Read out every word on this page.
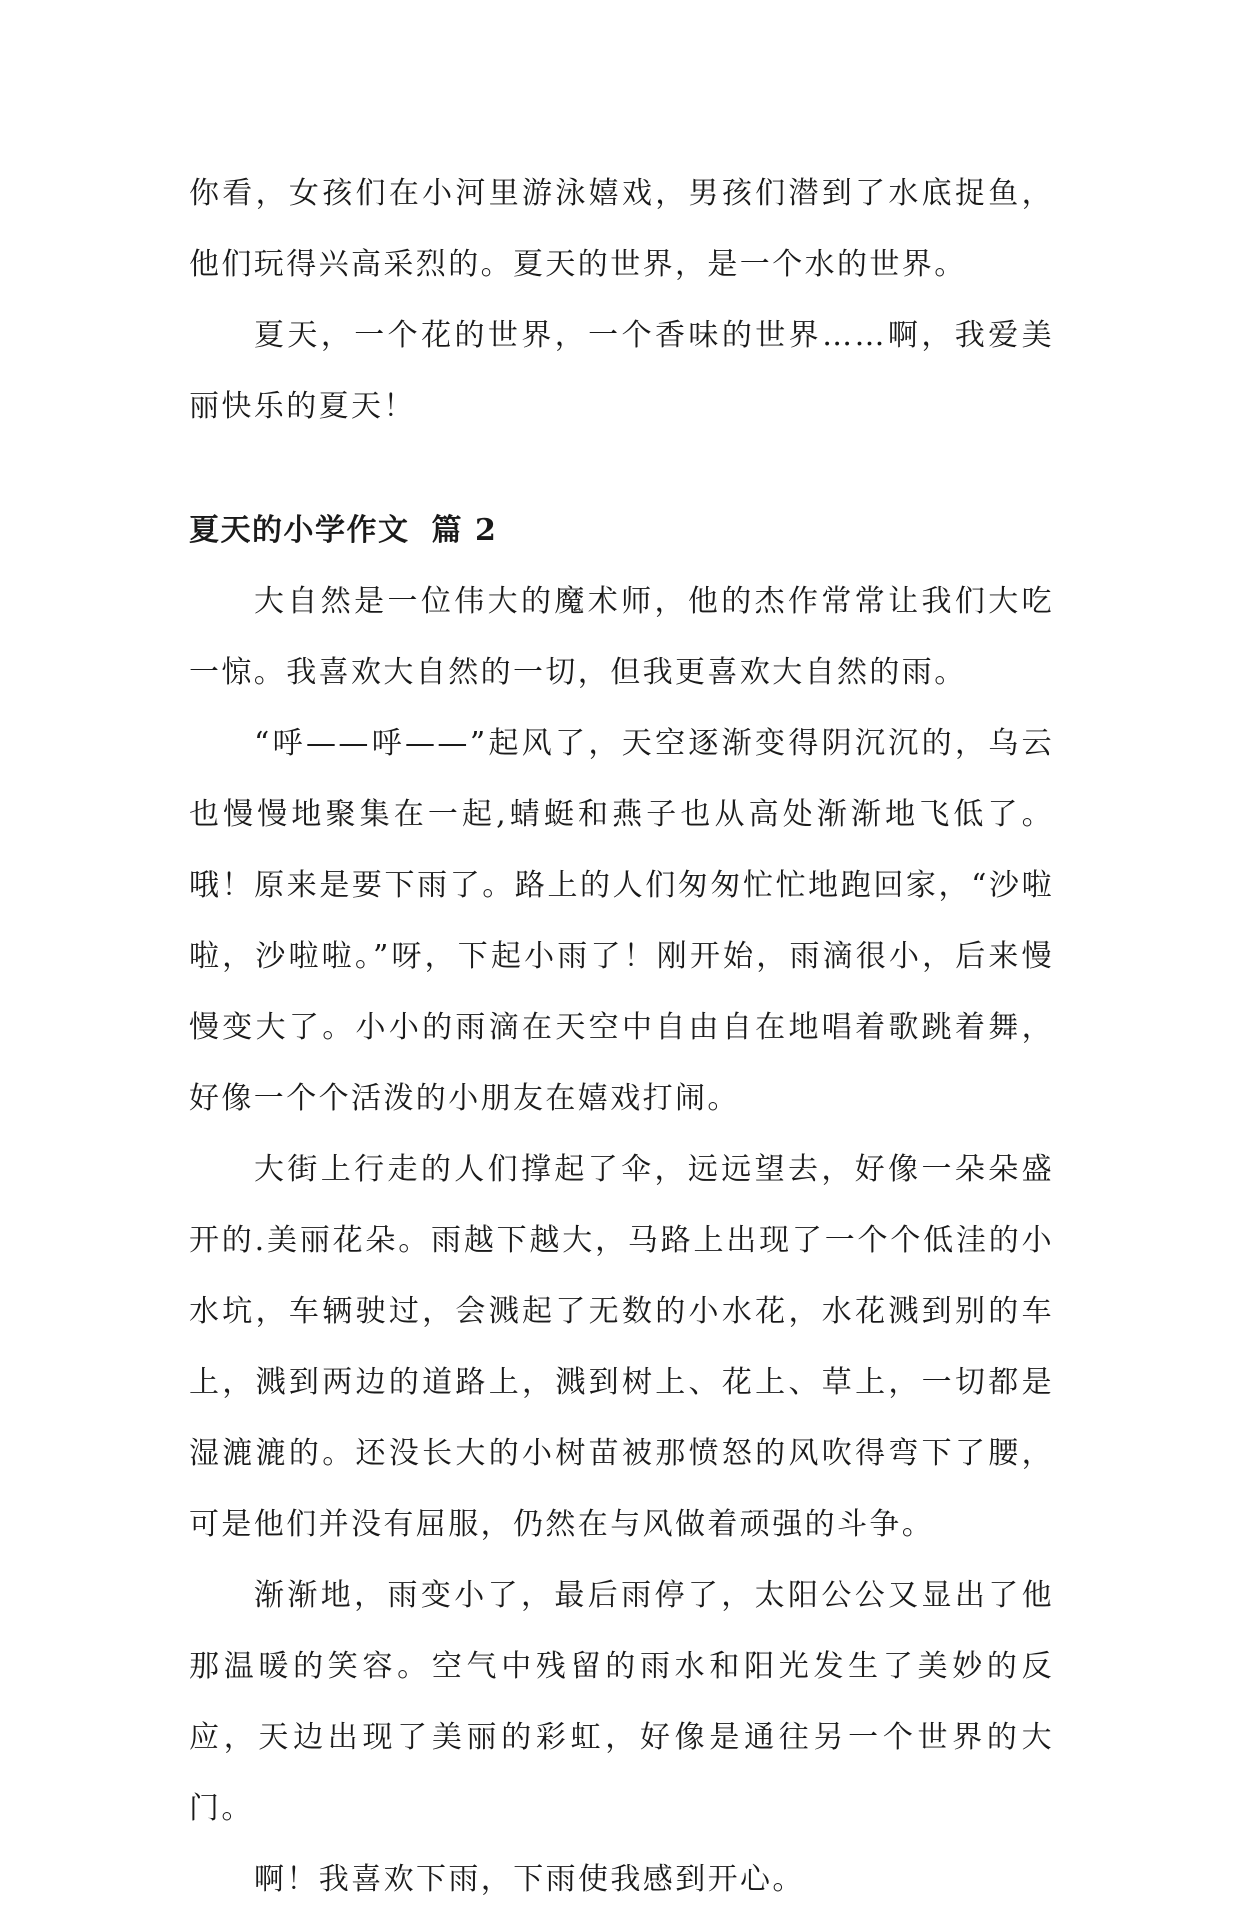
你看，女孩们在小河里游泳嬉戏，男孩们潜到了水底捉鱼，他们玩得兴高采烈的。夏天的世界，是一个水的世界。

夏天，一个花的世界，一个香味的世界……啊，我爱美丽快乐的夏天！

夏天的小学作文 篇 2

大自然是一位伟大的魔术师，他的杰作常常让我们大吃一惊。我喜欢大自然的一切，但我更喜欢大自然的雨。

“呼——呼——”起风了，天空逐渐变得阴沉沉的，乌云也慢慢地聚集在一起,蜻蜓和燕子也从高处渐渐地飞低了。哦！原来是要下雨了。路上的人们匆匆忙忙地跑回家，“沙啦啦，沙啦啦。”呀，下起小雨了！刚开始，雨滴很小，后来慢慢变大了。小小的雨滴在天空中自由自在地唱着歌跳着舞，好像一个个活泼的小朋友在嬉戏打闹。

大街上行走的人们撑起了伞，远远望去，好像一朵朵盛开的.美丽花朵。雨越下越大，马路上出现了一个个低洼的小水坑，车辆驶过，会溅起了无数的小水花，水花溅到别的车上，溅到两边的道路上，溅到树上、花上、草上，一切都是湿漉漉的。还没长大的小树苗被那愤怒的风吹得弯下了腰，可是他们并没有屈服，仍然在与风做着顽强的斗争。

渐渐地，雨变小了，最后雨停了，太阳公公又显出了他那温暖的笑容。空气中残留的雨水和阳光发生了美妙的反应，天边出现了美丽的彩虹，好像是通往另一个世界的大门。

啊！我喜欢下雨，下雨使我感到开心。
